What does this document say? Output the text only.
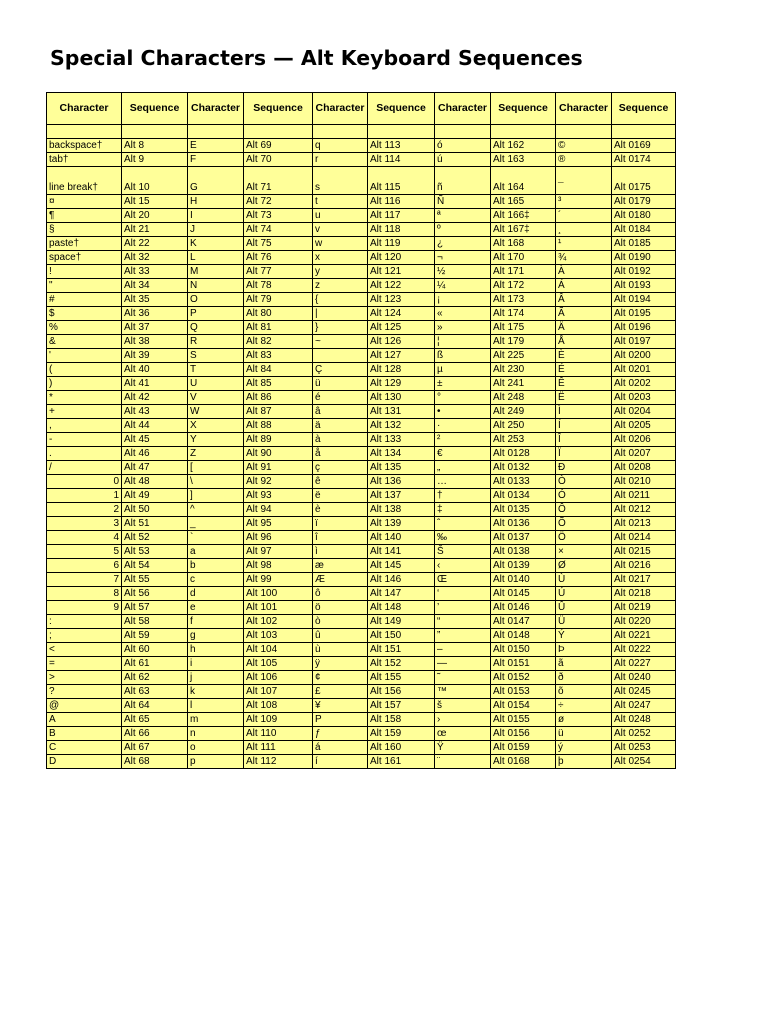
Special Characters — Alt Keyboard Sequences
Character	Sequence	Character	Sequence	Character	Sequence	Character	Sequence	Character	Sequence

backspace†	Alt 8	E	Alt 69	q	Alt 113	ó	Alt 162	©	Alt 0169
tab†	Alt 9	F	Alt 70	r	Alt 114	ú	Alt 163	®	Alt 0174
line break†	Alt 10	G	Alt 71	s	Alt 115	ñ	Alt 164	¯	Alt 0175
¤	Alt 15	H	Alt 72	t	Alt 116	Ñ	Alt 165	³	Alt 0179
¶	Alt 20	I	Alt 73	u	Alt 117	ª	Alt 166‡	´	Alt 0180
§	Alt 21	J	Alt 74	v	Alt 118	º	Alt 167‡	¸	Alt 0184
paste†	Alt 22	K	Alt 75	w	Alt 119	¿	Alt 168	¹	Alt 0185
space†	Alt 32	L	Alt 76	x	Alt 120	¬	Alt 170	¾	Alt 0190
!	Alt 33	M	Alt 77	y	Alt 121	½	Alt 171	À	Alt 0192
"	Alt 34	N	Alt 78	z	Alt 122	¼	Alt 172	Á	Alt 0193
#	Alt 35	O	Alt 79	{	Alt 123	¡	Alt 173	Â	Alt 0194
$	Alt 36	P	Alt 80	|	Alt 124	«	Alt 174	Ã	Alt 0195
%	Alt 37	Q	Alt 81	}	Alt 125	»	Alt 175	Ä	Alt 0196
&	Alt 38	R	Alt 82	~	Alt 126	¦	Alt 179	Å	Alt 0197
'	Alt 39	S	Alt 83		Alt 127	ß	Alt 225	È	Alt 0200
(	Alt 40	T	Alt 84	Ç	Alt 128	µ	Alt 230	É	Alt 0201
)	Alt 41	U	Alt 85	ü	Alt 129	±	Alt 241	Ê	Alt 0202
*	Alt 42	V	Alt 86	é	Alt 130	°	Alt 248	Ë	Alt 0203
+	Alt 43	W	Alt 87	â	Alt 131	•	Alt 249	Ì	Alt 0204
,	Alt 44	X	Alt 88	ä	Alt 132	·	Alt 250	Í	Alt 0205
-	Alt 45	Y	Alt 89	à	Alt 133	²	Alt 253	Î	Alt 0206
.	Alt 46	Z	Alt 90	å	Alt 134	€	Alt 0128	Ï	Alt 0207
/	Alt 47	[	Alt 91	ç	Alt 135	„	Alt 0132	Ð	Alt 0208
0	Alt 48	\	Alt 92	ê	Alt 136	…	Alt 0133	Ò	Alt 0210
1	Alt 49	]	Alt 93	ë	Alt 137	†	Alt 0134	Ó	Alt 0211
2	Alt 50	^	Alt 94	è	Alt 138	‡	Alt 0135	Ô	Alt 0212
3	Alt 51	_	Alt 95	ï	Alt 139	ˆ	Alt 0136	Õ	Alt 0213
4	Alt 52	`	Alt 96	î	Alt 140	‰	Alt 0137	Ö	Alt 0214
5	Alt 53	a	Alt 97	ì	Alt 141	Š	Alt 0138	×	Alt 0215
6	Alt 54	b	Alt 98	æ	Alt 145	‹	Alt 0139	Ø	Alt 0216
7	Alt 55	c	Alt 99	Æ	Alt 146	Œ	Alt 0140	Ù	Alt 0217
8	Alt 56	d	Alt 100	ô	Alt 147	‘	Alt 0145	Ú	Alt 0218
9	Alt 57	e	Alt 101	ö	Alt 148	’	Alt 0146	Û	Alt 0219
:	Alt 58	f	Alt 102	ò	Alt 149	“	Alt 0147	Ü	Alt 0220
;	Alt 59	g	Alt 103	û	Alt 150	”	Alt 0148	Ý	Alt 0221
<	Alt 60	h	Alt 104	ù	Alt 151	–	Alt 0150	Þ	Alt 0222
=	Alt 61	i	Alt 105	ÿ	Alt 152	—	Alt 0151	ã	Alt 0227
>	Alt 62	j	Alt 106	¢	Alt 155	˜	Alt 0152	ð	Alt 0240
?	Alt 63	k	Alt 107	£	Alt 156	™	Alt 0153	õ	Alt 0245
@	Alt 64	l	Alt 108	¥	Alt 157	š	Alt 0154	÷	Alt 0247
A	Alt 65	m	Alt 109	P	Alt 158	›	Alt 0155	ø	Alt 0248
B	Alt 66	n	Alt 110	ƒ	Alt 159	œ	Alt 0156	ü	Alt 0252
C	Alt 67	o	Alt 111	á	Alt 160	Ÿ	Alt 0159	ý	Alt 0253
D	Alt 68	p	Alt 112	í	Alt 161	¨	Alt 0168	þ	Alt 0254
